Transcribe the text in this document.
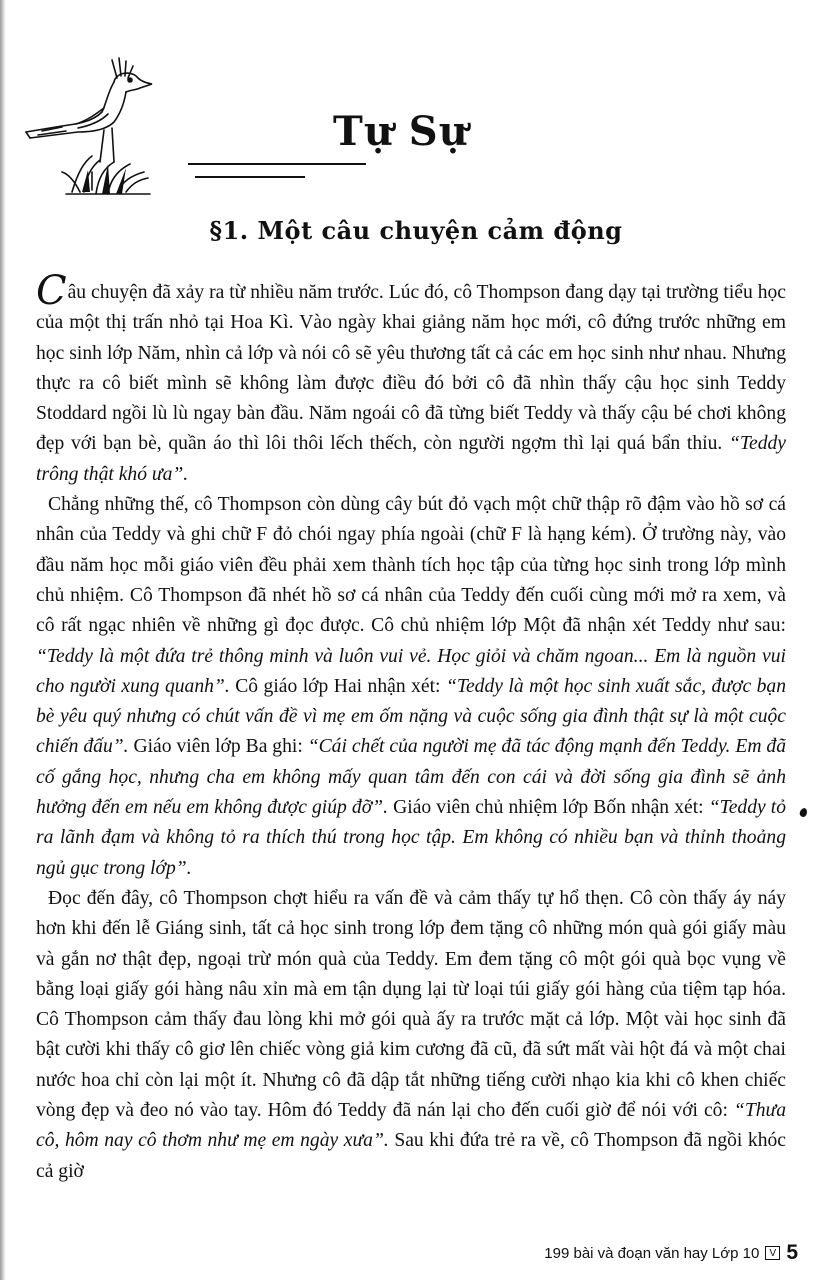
Tự Sự
§1. Một câu chuyện cảm động

Câu chuyện đã xảy ra từ nhiều năm trước. Lúc đó, cô Thompson đang dạy tại trường tiểu học của một thị trấn nhỏ tại Hoa Kì. Vào ngày khai giảng năm học mới, cô đứng trước những em học sinh lớp Năm, nhìn cả lớp và nói cô sẽ yêu thương tất cả các em học sinh như nhau. Nhưng thực ra cô biết mình sẽ không làm được điều đó bởi cô đã nhìn thấy cậu học sinh Teddy Stoddard ngồi lù lù ngay bàn đầu. Năm ngoái cô đã từng biết Teddy và thấy cậu bé chơi không đẹp với bạn bè, quần áo thì lôi thôi lếch thếch, còn người ngợm thì lại quá bẩn thỉu. “Teddy trông thật khó ưa”.

Chẳng những thế, cô Thompson còn dùng cây bút đỏ vạch một chữ thập rõ đậm vào hồ sơ cá nhân của Teddy và ghi chữ F đỏ chói ngay phía ngoài (chữ F là hạng kém). Ở trường này, vào đầu năm học mỗi giáo viên đều phải xem thành tích học tập của từng học sinh trong lớp mình chủ nhiệm. Cô Thompson đã nhét hồ sơ cá nhân của Teddy đến cuối cùng mới mở ra xem, và cô rất ngạc nhiên về những gì đọc được. Cô chủ nhiệm lớp Một đã nhận xét Teddy như sau: “Teddy là một đứa trẻ thông minh và luôn vui vẻ. Học giỏi và chăm ngoan... Em là nguồn vui cho người xung quanh”. Cô giáo lớp Hai nhận xét: “Teddy là một học sinh xuất sắc, được bạn bè yêu quý nhưng có chút vấn đề vì mẹ em ốm nặng và cuộc sống gia đình thật sự là một cuộc chiến đấu”. Giáo viên lớp Ba ghi: “Cái chết của người mẹ đã tác động mạnh đến Teddy. Em đã cố gắng học, nhưng cha em không mấy quan tâm đến con cái và đời sống gia đình sẽ ảnh hưởng đến em nếu em không được giúp đỡ”. Giáo viên chủ nhiệm lớp Bốn nhận xét: “Teddy tỏ ra lãnh đạm và không tỏ ra thích thú trong học tập. Em không có nhiều bạn và thỉnh thoảng ngủ gục trong lớp”.

Đọc đến đây, cô Thompson chợt hiểu ra vấn đề và cảm thấy tự hổ thẹn. Cô còn thấy áy náy hơn khi đến lễ Giáng sinh, tất cả học sinh trong lớp đem tặng cô những món quà gói giấy màu và gắn nơ thật đẹp, ngoại trừ món quà của Teddy. Em đem tặng cô một gói quà bọc vụng về bằng loại giấy gói hàng nâu xỉn mà em tận dụng lại từ loại túi giấy gói hàng của tiệm tạp hóa. Cô Thompson cảm thấy đau lòng khi mở gói quà ấy ra trước mặt cả lớp. Một vài học sinh đã bật cười khi thấy cô giơ lên chiếc vòng giả kim cương đã cũ, đã sứt mất vài hột đá và một chai nước hoa chỉ còn lại một ít. Nhưng cô đã dập tắt những tiếng cười nhạo kia khi cô khen chiếc vòng đẹp và đeo nó vào tay. Hôm đó Teddy đã nán lại cho đến cuối giờ để nói với cô: “Thưa cô, hôm nay cô thơm như mẹ em ngày xưa”. Sau khi đứa trẻ ra về, cô Thompson đã ngồi khóc cả giờ

199 bài và đoạn văn hay Lớp 10	V 5
